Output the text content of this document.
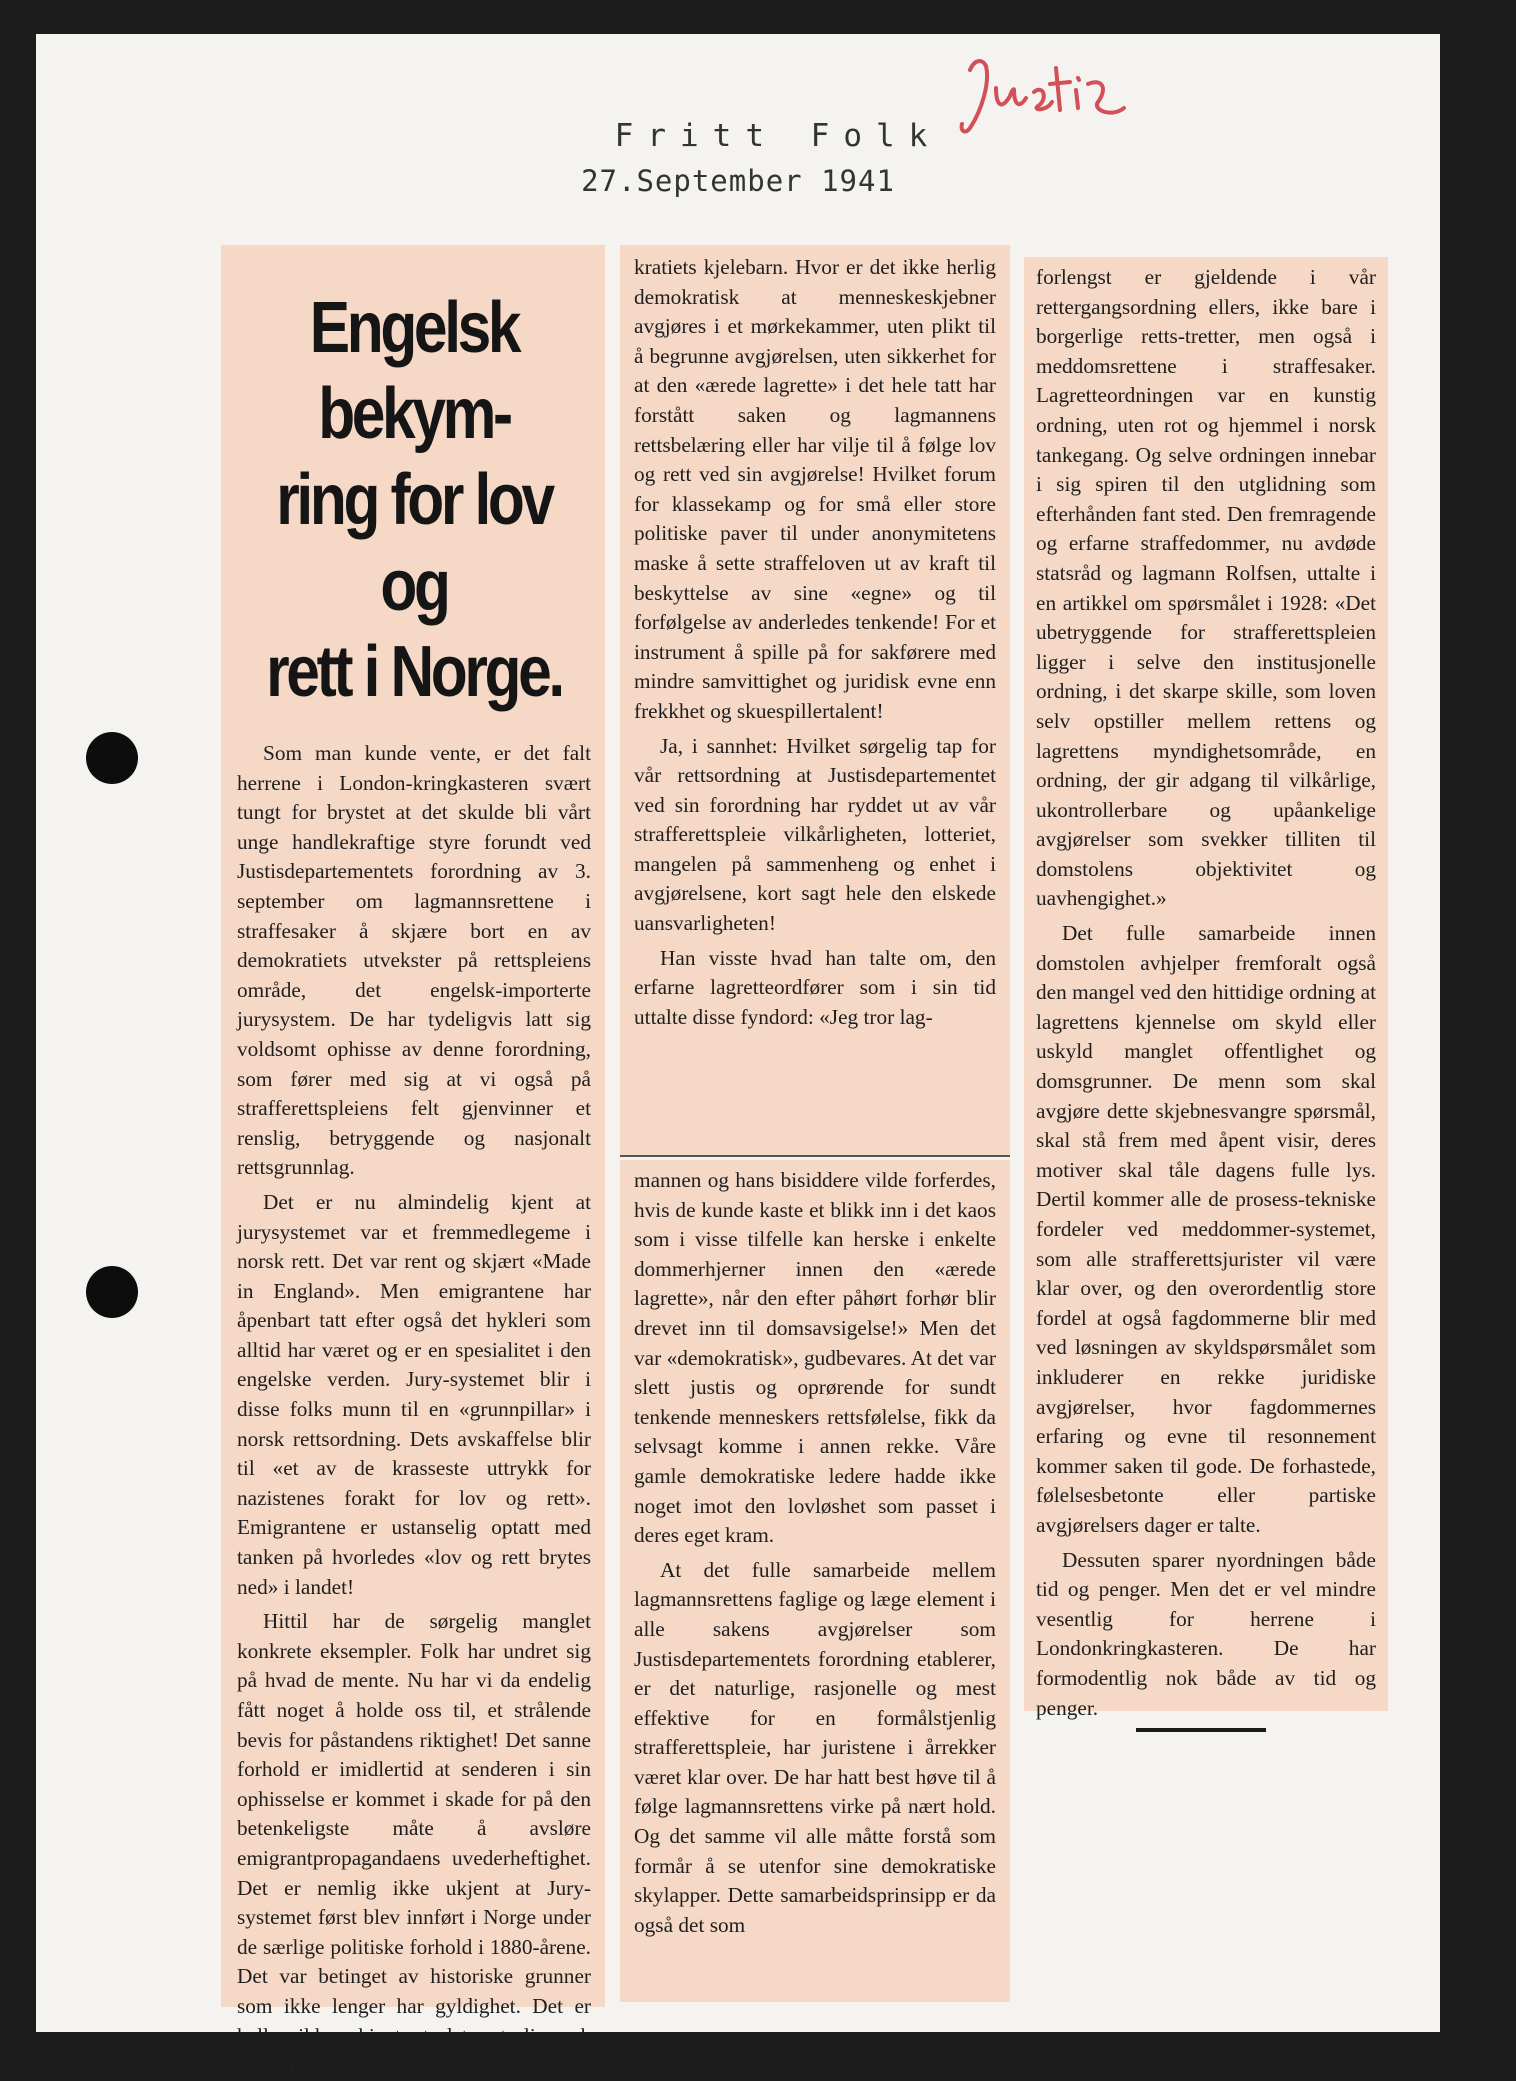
Fritt Folk
27.September 1941
Engelsk bekym-
ring for lov og
rett i Norge.

Som man kunde vente, er det falt herrene i London-kringkasteren svært tungt for brystet at det skulde bli vårt unge handlekraftige styre forundt ved Justisdepartementets forordning av 3. september om lagmannsrettene i straffesaker å skjære bort en av demokratiets utvekster på rettspleiens område, det engelsk-importerte jurysystem. De har tydeligvis latt sig voldsomt ophisse av denne forordning, som fører med sig at vi også på strafferettspleiens felt gjenvinner et renslig, betryggende og nasjonalt rettsgrunnlag.

Det er nu almindelig kjent at jurysystemet var et fremmedlegeme i norsk rett. Det var rent og skjært «Made in England». Men emigrantene har åpenbart tatt efter også det hykleri som alltid har været og er en spesialitet i den engelske verden. Jury-systemet blir i disse folks munn til en «grunnpillar» i norsk rettsordning. Dets avskaffelse blir til «et av de krasseste uttrykk for nazistenes forakt for lov og rett». Emigrantene er ustanselig optatt med tanken på hvorledes «lov og rett brytes ned» i landet!

Hittil har de sørgelig manglet konkrete eksempler. Folk har undret sig på hvad de mente. Nu har vi da endelig fått noget å holde oss til, et strålende bevis for påstandens riktighet! Det sanne forhold er imidlertid at senderen i sin ophisselse er kommet i skade for på den betenkeligste måte å avsløre emigrantpropagandaens uvederheftighet. Det er nemlig ikke ukjent at Jury-systemet først blev innført i Norge under de særlige politiske forhold i 1880-årene. Det var betinget av historiske grunner som ikke lenger har gyldighet. Det er heller ikke ukjent at det naturlig nok måtte bli et av demo-

kratiets kjelebarn. Hvor er det ikke herlig demokratisk at menneskeskjebner avgjøres i et mørkekammer, uten plikt til å begrunne avgjørelsen, uten sikkerhet for at den «ærede lagrette» i det hele tatt har forstått saken og lagmannens rettsbelæring eller har vilje til å følge lov og rett ved sin avgjørelse! Hvilket forum for klassekamp og for små eller store politiske paver til under anonymitetens maske å sette straffeloven ut av kraft til beskyttelse av sine «egne» og til forfølgelse av anderledes tenkende! For et instrument å spille på for sakførere med mindre samvittighet og juridisk evne enn frekkhet og skuespillertalent!

Ja, i sannhet: Hvilket sørgelig tap for vår rettsordning at Justisdepartementet ved sin forordning har ryddet ut av vår strafferettspleie vilkårligheten, lotteriet, mangelen på sammenheng og enhet i avgjørelsene, kort sagt hele den elskede uansvarligheten!

Han visste hvad han talte om, den erfarne lagretteordfører som i sin tid uttalte disse fyndord: «Jeg tror lag-

mannen og hans bisiddere vilde forferdes, hvis de kunde kaste et blikk inn i det kaos som i visse tilfelle kan herske i enkelte dommerhjerner innen den «ærede lagrette», når den efter påhørt forhør blir drevet inn til domsavsigelse!» Men det var «demokratisk», gudbevares. At det var slett justis og oprørende for sundt tenkende menneskers rettsfølelse, fikk da selvsagt komme i annen rekke. Våre gamle demokratiske ledere hadde ikke noget imot den lovløshet som passet i deres eget kram.

At det fulle samarbeide mellem lagmannsrettens faglige og læge element i alle sakens avgjørelser som Justisdepartementets forordning etablerer, er det naturlige, rasjonelle og mest effektive for en formålstjenlig strafferettspleie, har juristene i årrekker været klar over. De har hatt best høve til å følge lagmannsrettens virke på nært hold. Og det samme vil alle måtte forstå som formår å se utenfor sine demokratiske skylapper. Dette samarbeidsprinsipp er da også det som

forlengst er gjeldende i vår rettergangsordning ellers, ikke bare i borgerlige retts-tretter, men også i meddomsrettene i straffesaker. Lagretteordningen var en kunstig ordning, uten rot og hjemmel i norsk tankegang. Og selve ordningen innebar i sig spiren til den utglidning som efterhånden fant sted. Den fremragende og erfarne straffedommer, nu avdøde statsråd og lagmann Rolfsen, uttalte i en artikkel om spørsmålet i 1928: «Det ubetryggende for strafferettspleien ligger i selve den institusjonelle ordning, i det skarpe skille, som loven selv opstiller mellem rettens og lagrettens myndighetsområde, en ordning, der gir adgang til vilkårlige, ukontrollerbare og upåankelige avgjørelser som svekker tilliten til domstolens objektivitet og uavhengighet.»

Det fulle samarbeide innen domstolen avhjelper fremforalt også den mangel ved den hittidige ordning at lagrettens kjennelse om skyld eller uskyld manglet offentlighet og domsgrunner. De menn som skal avgjøre dette skjebnesvangre spørsmål, skal stå frem med åpent visir, deres motiver skal tåle dagens fulle lys. Dertil kommer alle de prosess-tekniske fordeler ved meddommer-systemet, som alle strafferettsjurister vil være klar over, og den overordentlig store fordel at også fagdommerne blir med ved løsningen av skyldspørsmålet som inkluderer en rekke juridiske avgjørelser, hvor fagdommernes erfaring og evne til resonnement kommer saken til gode. De forhastede, følelsesbetonte eller partiske avgjørelsers dager er talte.

Dessuten sparer nyordningen både tid og penger. Men det er vel mindre vesentlig for herrene i Londonkringkasteren. De har formodentlig nok både av tid og penger.
